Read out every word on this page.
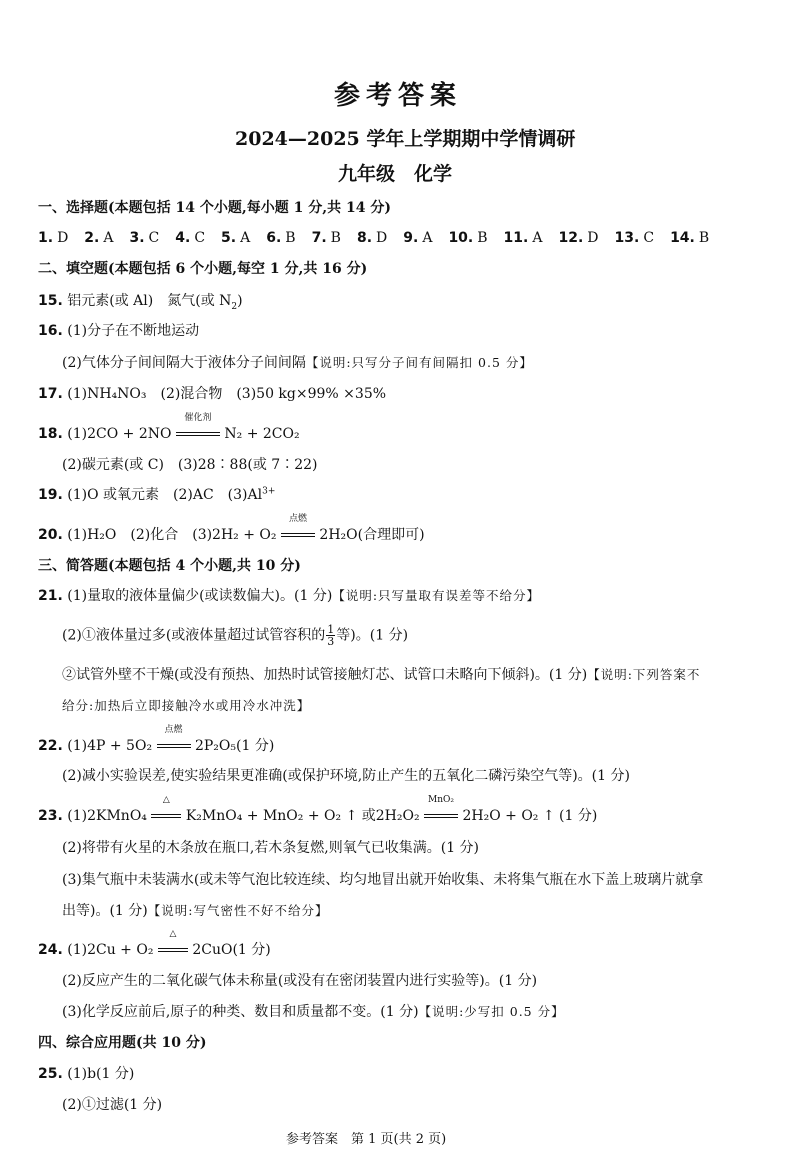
参考答案
2024—2025 学年上学期期中学情调研
九年级　化学
一、选择题(本题包括 14 个小题,每小题 1 分,共 14 分)
1. D 2. A 3. C 4. C 5. A 6. B 7. B 8. D 9. A 10. B 11. A 12. D 13. C 14. B
二、填空题(本题包括 6 个小题,每空 1 分,共 16 分)
15. 铝元素(或 Al)　氮气(或 $N_2$)
16. (1)分子在不断地运动
(2)气体分子间间隔大于液体分子间间隔【说明:只写分子间有间隔扣 0.5 分】
17. (1)NH₄NO₃　(2)混合物　(3)50 kg×99% ×35%
18. (1)2CO + 2NO
催化剂
N₂ + 2CO₂
(2)碳元素(或 C)　(3)28∶88(或 7∶22)
19. (1)O 或氧元素　(2)AC　$(3)Al^{3+}$
20. (1)H₂O　(2)化合　(3)2H₂ + O₂
点燃
2H₂O(合理即可)
三、简答题(本题包括 4 个小题,共 10 分)
21. (1)量取的液体量偏少(或读数偏大)。(1 分)【说明:只写量取有误差等不给分】
(2)①液体量过多(或液体量超过试管容积的 $\frac{1}{3}$ 等)。(1 分)
②试管外壁不干燥(或没有预热、加热时试管接触灯芯、试管口未略向下倾斜)。(1 分)【说明:下列答案不
给分:加热后立即接触冷水或用冷水冲洗】
22. (1)4P + 5O₂
点燃
2P₂O₅(1 分)
(2)减小实验误差,使实验结果更准确(或保护环境,防止产生的五氧化二磷污染空气等)。(1 分)
23. (1)2KMnO₄
△
K₂MnO₄ + MnO₂ + O₂ ↑ 或2H₂O₂
MnO₂
2H₂O + O₂ ↑ (1 分)
(2)将带有火星的木条放在瓶口,若木条复燃,则氧气已收集满。(1 分)
(3)集气瓶中未装满水(或未等气泡比较连续、均匀地冒出就开始收集、未将集气瓶在水下盖上玻璃片就拿
出等)。(1 分)【说明:写气密性不好不给分】
24. (1)2Cu + O₂
△
2CuO(1 分)
(2)反应产生的二氧化碳气体未称量(或没有在密闭装置内进行实验等)。(1 分)
(3)化学反应前后,原子的种类、数目和质量都不变。(1 分)【说明:少写扣 0.5 分】
四、综合应用题(共 10 分)
25. (1)b(1 分)
(2)①过滤(1 分)
参考答案　第 1 页(共 2 页)
